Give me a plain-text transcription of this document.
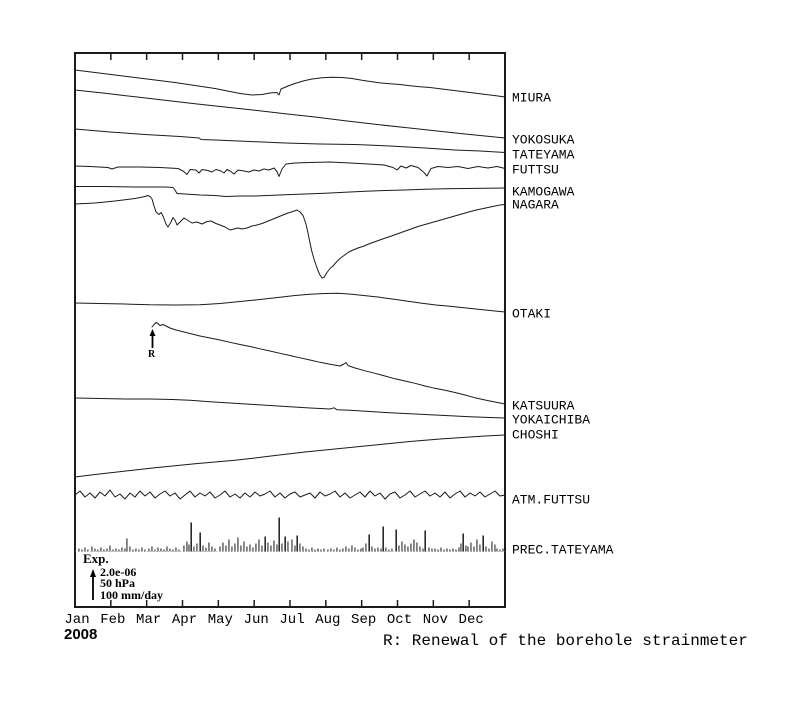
MIURA
YOKOSUKA
TATEYAMA
FUTTSU
KAMOGAWA
NAGARA
OTAKI
KATSUURA
YOKAICHIBA
CHOSHI
ATM.FUTTSU
PREC.TATEYAMA
Jan Feb Mar Apr May Jun Jul Aug Sep Oct Nov Dec
2008	R: Renewal of the borehole strainmeter
R
Exp.
2.0e-06
50 hPa
100 mm/day
